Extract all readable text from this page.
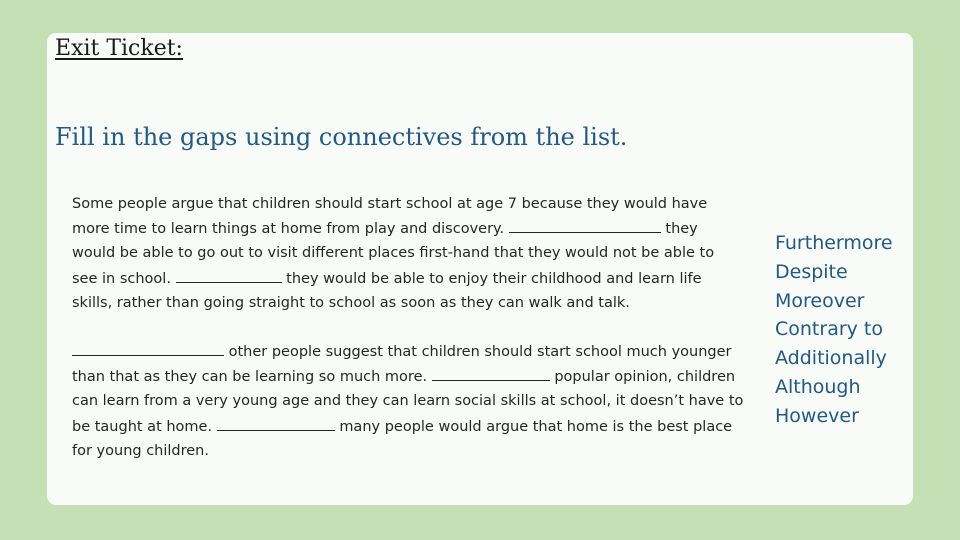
Exit Ticket:
Fill in the gaps using connectives from the list.

Some people argue that children should start school at age 7 because they would have more time to learn things at home from play and discovery.	they would be able to go out to visit different places first-hand that they would not be able to see in school.	they would be able to enjoy their childhood and learn life skills, rather than going straight to school as soon as they can walk and talk.

other people suggest that children should start school much younger than that as they can be learning so much more.	popular opinion, children can learn from a very young age and they can learn social skills at school, it doesn’t have to be taught at home.	many people would argue that home is the best place for young children.

Furthermore
Despite
Moreover
Contrary to
Additionally
Although
However
